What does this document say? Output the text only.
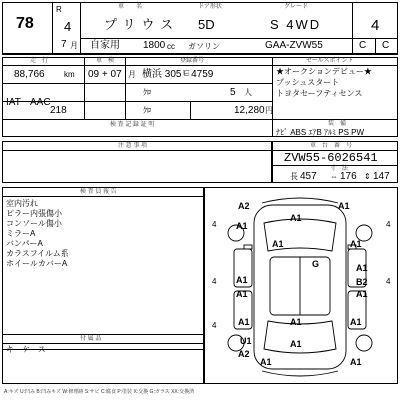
78
R
4
7 月
車　　名	ドア形状	グレード
プリウス 5D	S 4WD	4
自家用 1800 cc ガソリン	GAA-ZVW55	C C
走　行	車　検	登録番号	セールスポイント
88,766 km 09 + 07 月 横浜 305ㅌ4759
IAT AAC
ｸﾛ	5 人
218	ｸﾛ	12,280 円
検 査 記 録 証 明
★オークションデビュー★
プッシュスタート
トヨタセーフティセンス
装　備
ﾅﾋﾞ ABS ｴｱB ｱﾙﾐ PS PW
注 意 事 項	車　台　番　号
ZVW55-6026541
寸　法
長 457 ⇔ 176 ⇕ 147
検 査 員 報 告
室内汚れ
ピラー内張傷小
コンソール傷小
ミラーA
バンパーA
カラスフイルム系
ホイールカバーA
付 属 品
キーケース
4
4
4
4
4
A2	A1
A1
A1
A1
G
A1
A1
A1
B2
A1	A1
A1	A1
A1
A2
U1	A1
A1	A1
A:キズ U:凹み B:凹みキズ W:修理跡 S:サビ C:腐食 P:塗装 X:交換 G:ガラス XX:交換済
